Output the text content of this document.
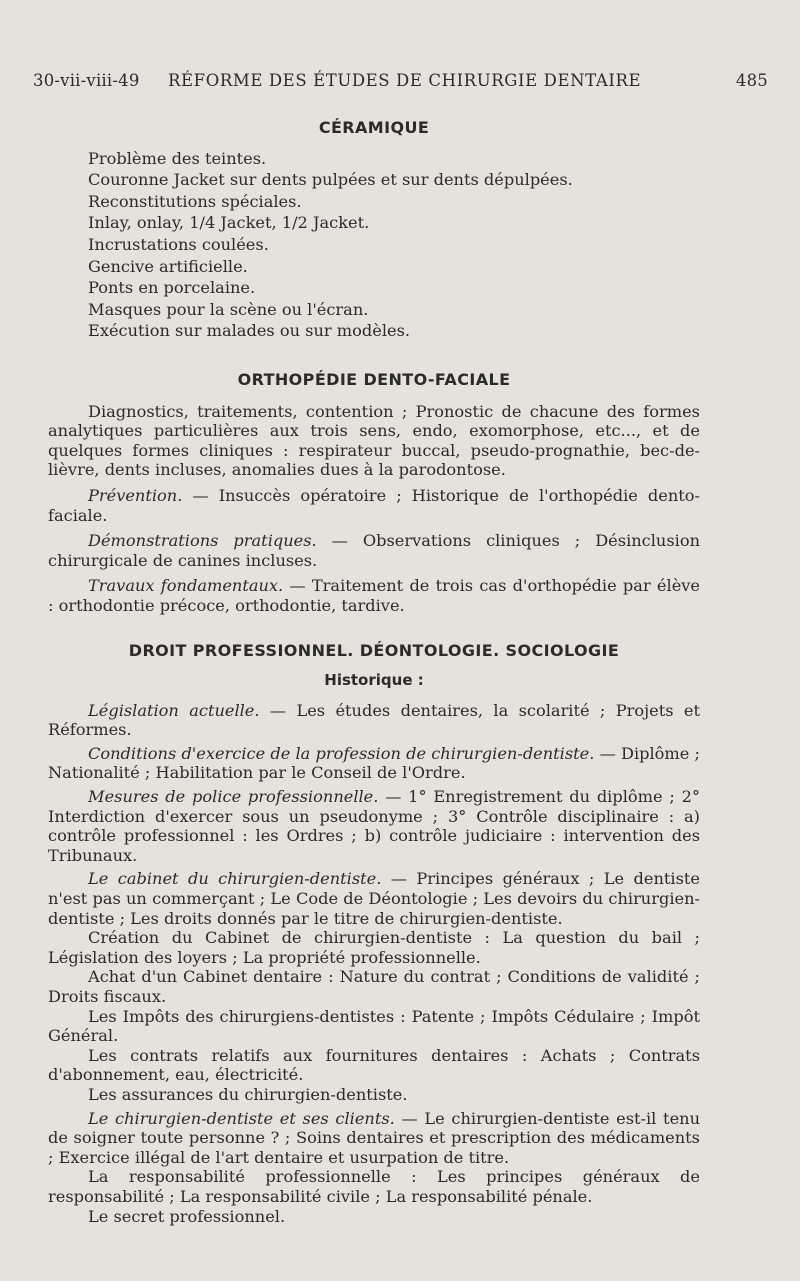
30-vii-viii-49 RÉFORME DES ÉTUDES DE CHIRURGIE DENTAIRE	485
CÉRAMIQUE
Problème des teintes.
Couronne Jacket sur dents pulpées et sur dents dépulpées.
Reconstitutions spéciales.
Inlay, onlay, 1/4 Jacket, 1/2 Jacket.
Incrustations coulées.
Gencive artificielle.
Ponts en porcelaine.
Masques pour la scène ou l'écran.
Exécution sur malades ou sur modèles.
ORTHOPÉDIE DENTO-FACIALE

Diagnostics, traitements, contention ; Pronostic de chacune des formes analytiques particulières aux trois sens, endo, exomorphose, etc..., et de quelques formes cliniques : respirateur buccal, pseudo-prognathie, bec-de-lièvre, dents incluses, anomalies dues à la parodontose.

Prévention. — Insuccès opératoire ; Historique de l'orthopédie dento-faciale.

Démonstrations pratiques. — Observations cliniques ; Désinclusion chirurgicale de canines incluses.

Travaux fondamentaux. — Traitement de trois cas d'orthopédie par élève : orthodontie précoce, orthodontie, tardive.

DROIT PROFESSIONNEL. DÉONTOLOGIE. SOCIOLOGIE
Historique :

Législation actuelle. — Les études dentaires, la scolarité ; Projets et Réformes.

Conditions d'exercice de la profession de chirurgien-dentiste. — Diplôme ; Nationalité ; Habilitation par le Conseil de l'Ordre.

Mesures de police professionnelle. — 1° Enregistrement du diplôme ; 2° Interdiction d'exercer sous un pseudonyme ; 3° Contrôle disciplinaire : a) contrôle professionnel : les Ordres ; b) contrôle judiciaire : intervention des Tribunaux.

Le cabinet du chirurgien-dentiste. — Principes généraux ; Le dentiste n'est pas un commerçant ; Le Code de Déontologie ; Les devoirs du chirurgien-dentiste ; Les droits donnés par le titre de chirurgien-dentiste.

Création du Cabinet de chirurgien-dentiste : La question du bail ; Législation des loyers ; La propriété professionnelle.

Achat d'un Cabinet dentaire : Nature du contrat ; Conditions de validité ; Droits fiscaux.

Les Impôts des chirurgiens-dentistes : Patente ; Impôts Cédulaire ; Impôt Général.

Les contrats relatifs aux fournitures dentaires : Achats ; Contrats d'abonnement, eau, électricité.

Les assurances du chirurgien-dentiste.

Le chirurgien-dentiste et ses clients. — Le chirurgien-dentiste est-il tenu de soigner toute personne ? ; Soins dentaires et prescription des médicaments ; Exercice illégal de l'art dentaire et usurpation de titre.

La responsabilité professionnelle : Les principes généraux de responsabilité ; La responsabilité civile ; La responsabilité pénale.

Le secret professionnel.
